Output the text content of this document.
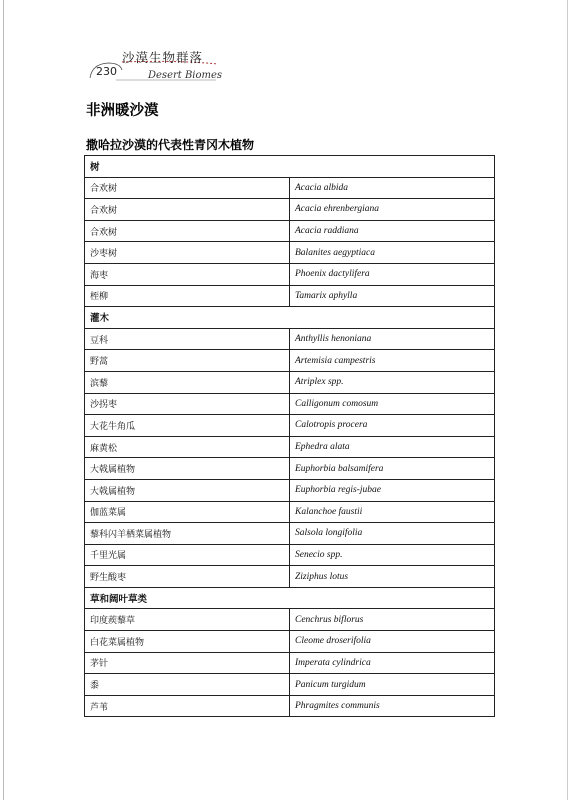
230
沙漠生物群落
Desert Biomes
非洲暖沙漠
撒哈拉沙漠的代表性青冈木植物
树	
合欢树	Acacia albida
合欢树	Acacia ehrenbergiana
合欢树	Acacia raddiana
沙枣树	Balanites aegyptiaca
海枣	Phoenix dactylifera
桎柳	Tamarix aphylla
灌木	
豆科	Anthyllis henoniana
野蒿	Artemisia campestris
滨藜	Atriplex spp.
沙拐枣	Calligonum comosum
大花牛角瓜	Calotropis procera
麻黄松	Ephedra alata
大戟属植物	Euphorbia balsamifera
大戟属植物	Euphorbia regis-jubae
伽蓝菜属	Kalanchoe faustii
藜科闪羊栖菜属植物	Salsola longifolia
千里光属	Senecio spp.
野生酸枣	Ziziphus lotus
草和阔叶草类	
印度蒺藜草	Cenchrus biflorus
白花菜属植物	Cleome droserifolia
茅针	Imperata cylindrica
黍	Panicum turgidum
芦苇	Phragmites communis
